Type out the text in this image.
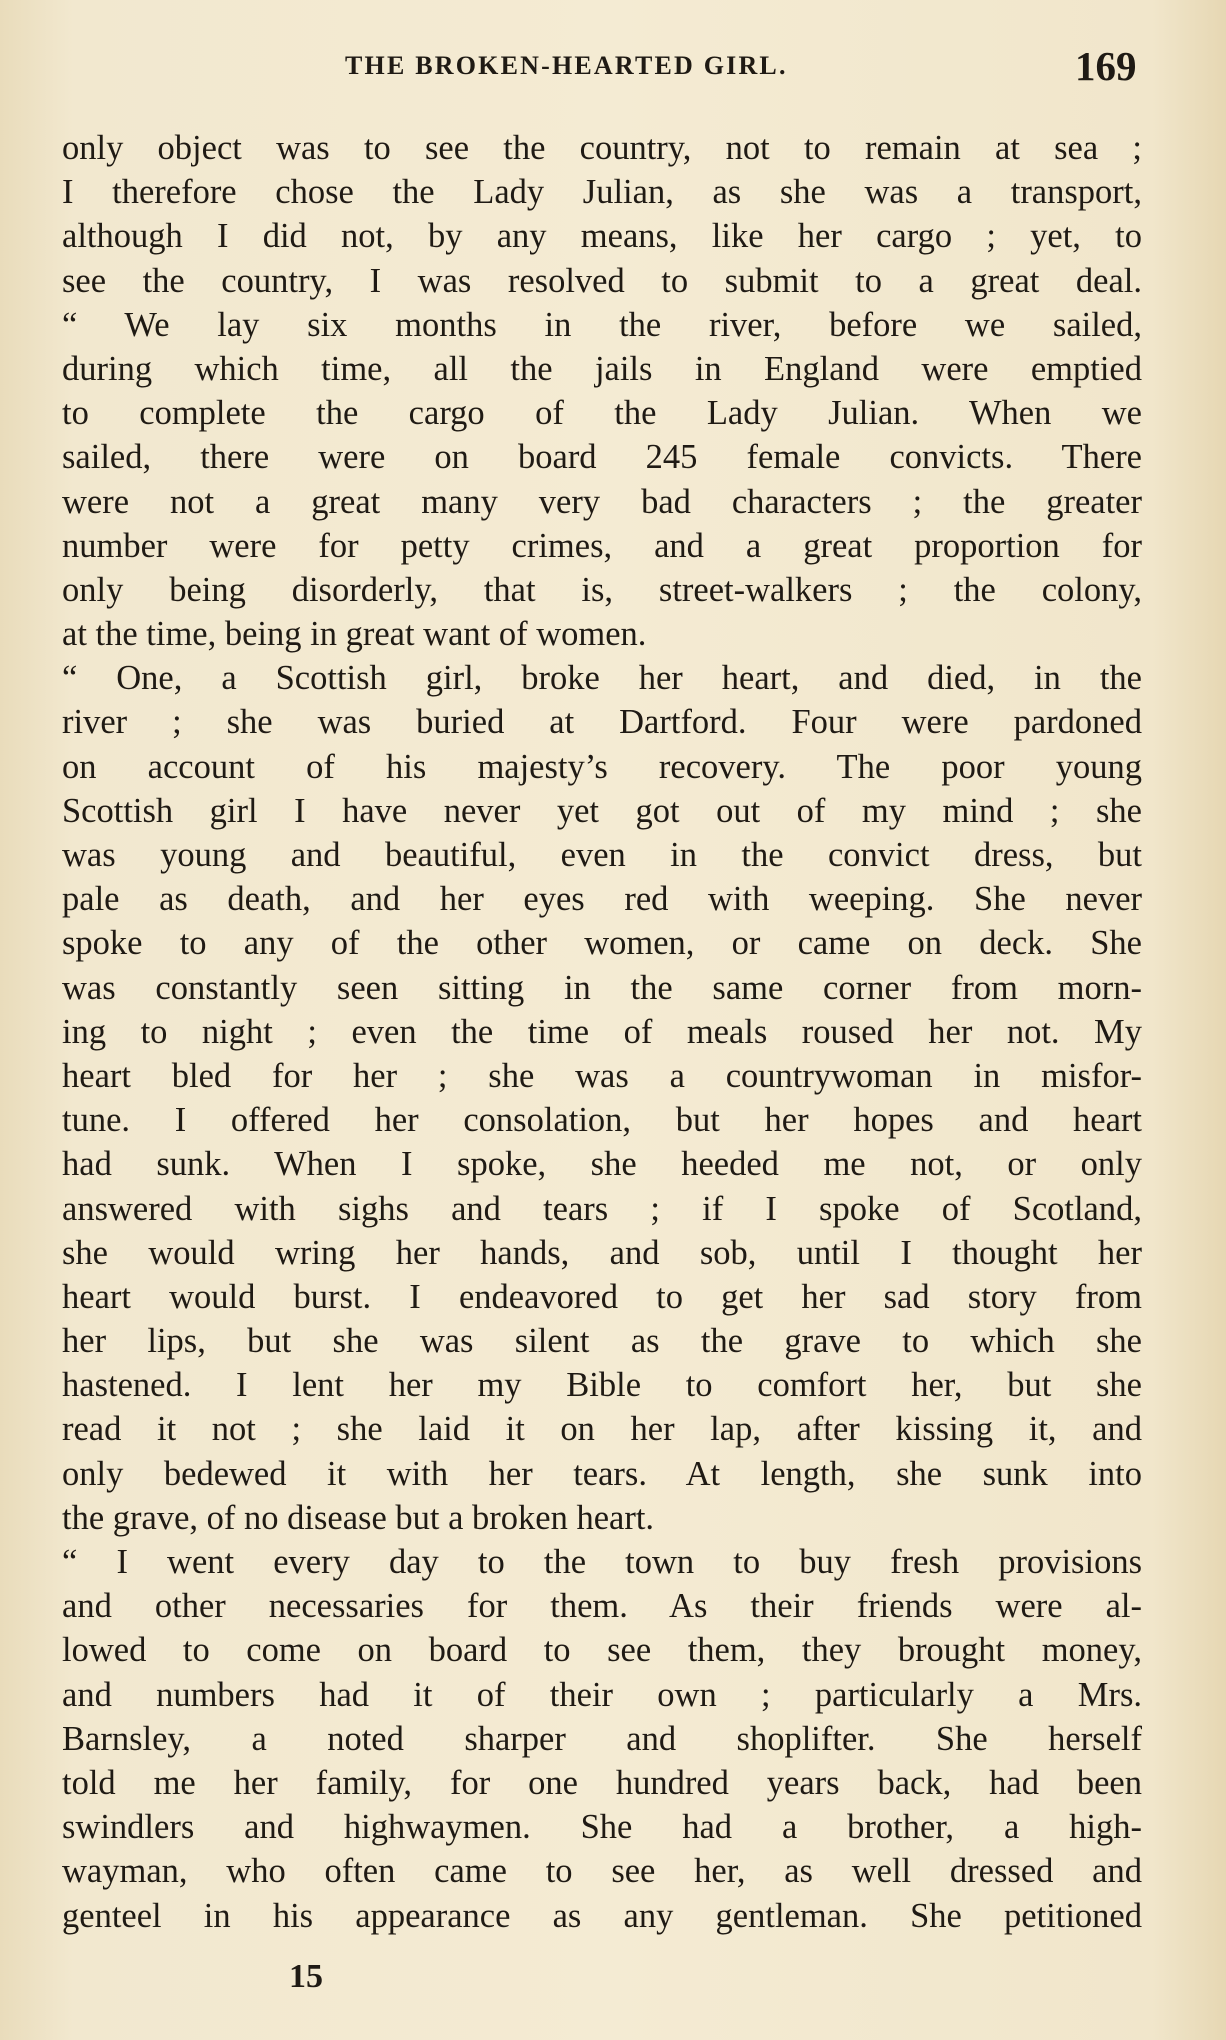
THE BROKEN-HEARTED GIRL.	169
only object was to see the country, not to remain at sea ;
I therefore chose the Lady Julian, as she was a transport,
although I did not, by any means, like her cargo ; yet, to
see the country, I was resolved to submit to a great deal.
“ We lay six months in the river, before we sailed,
during which time, all the jails in England were emptied
to complete the cargo of the Lady Julian. When we
sailed, there were on board 245 female convicts. There
were not a great many very bad characters ; the greater
number were for petty crimes, and a great proportion for
only being disorderly, that is, street-walkers ; the colony,
at the time, being in great want of women.
“ One, a Scottish girl, broke her heart, and died, in the
river ; she was buried at Dartford. Four were pardoned
on account of his majesty’s recovery. The poor young
Scottish girl I have never yet got out of my mind ; she
was young and beautiful, even in the convict dress, but
pale as death, and her eyes red with weeping. She never
spoke to any of the other women, or came on deck. She
was constantly seen sitting in the same corner from morn-
ing to night ; even the time of meals roused her not. My
heart bled for her ; she was a countrywoman in misfor-
tune. I offered her consolation, but her hopes and heart
had sunk. When I spoke, she heeded me not, or only
answered with sighs and tears ; if I spoke of Scotland,
she would wring her hands, and sob, until I thought her
heart would burst. I endeavored to get her sad story from
her lips, but she was silent as the grave to which she
hastened. I lent her my Bible to comfort her, but she
read it not ; she laid it on her lap, after kissing it, and
only bedewed it with her tears. At length, she sunk into
the grave, of no disease but a broken heart.
“ I went every day to the town to buy fresh provisions
and other necessaries for them. As their friends were al-
lowed to come on board to see them, they brought money,
and numbers had it of their own ; particularly a Mrs.
Barnsley, a noted sharper and shoplifter. She herself
told me her family, for one hundred years back, had been
swindlers and highwaymen. She had a brother, a high-
wayman, who often came to see her, as well dressed and
genteel in his appearance as any gentleman. She petitioned
15
